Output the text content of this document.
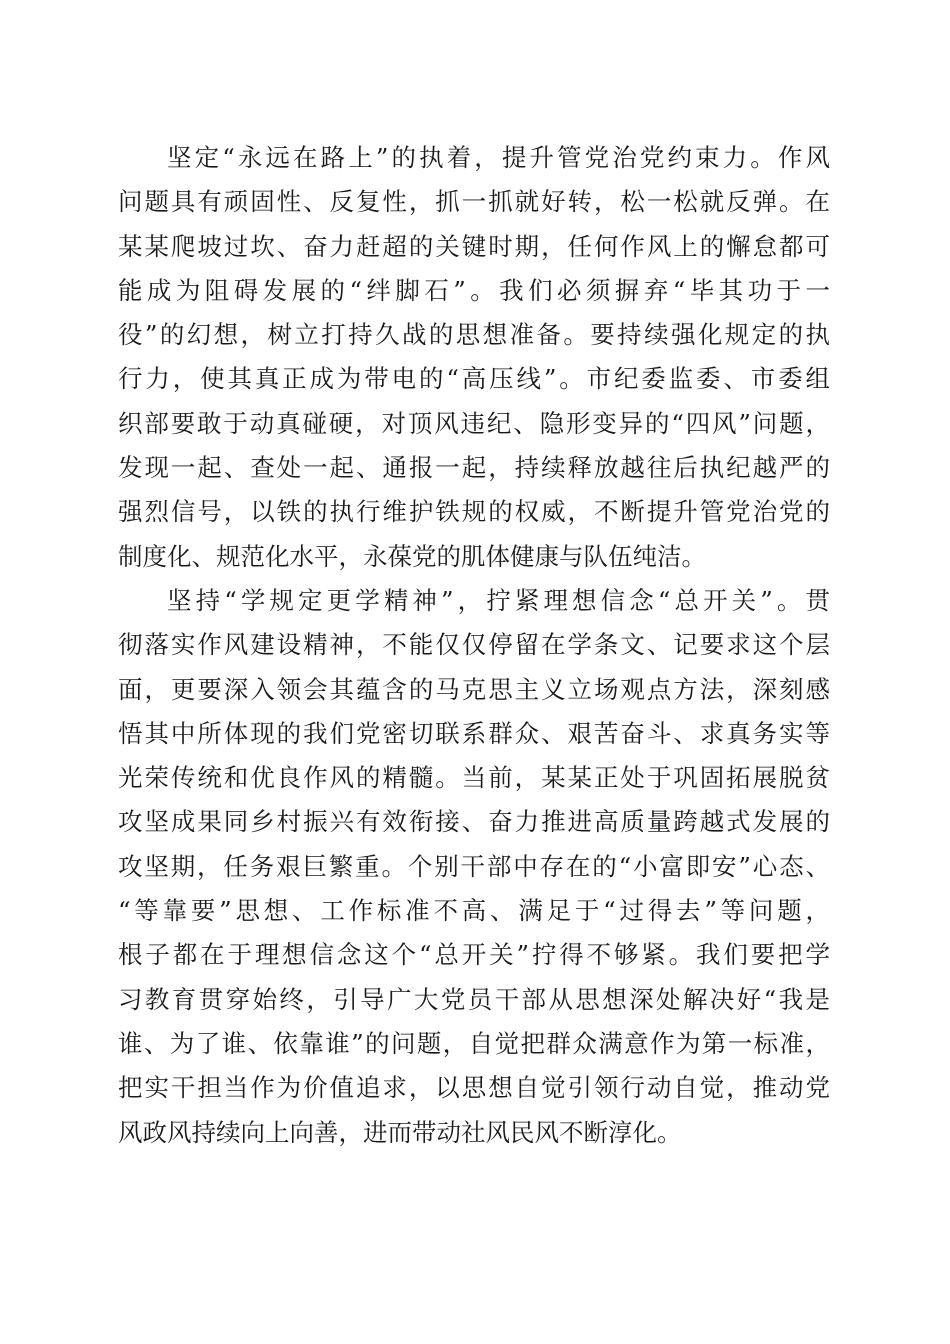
坚定“永远在路上”的执着，提升管党治党约束力。作风
问题具有顽固性、反复性，抓一抓就好转，松一松就反弹。在
某某爬坡过坎、奋力赶超的关键时期，任何作风上的懈怠都可
能成为阻碍发展的“绊脚石”。我们必须摒弃“毕其功于一
役”的幻想，树立打持久战的思想准备。要持续强化规定的执
行力，使其真正成为带电的“高压线”。市纪委监委、市委组
织部要敢于动真碰硬，对顶风违纪、隐形变异的“四风”问题，
发现一起、查处一起、通报一起，持续释放越往后执纪越严的
强烈信号，以铁的执行维护铁规的权威，不断提升管党治党的
制度化、规范化水平，永葆党的肌体健康与队伍纯洁。
坚持“学规定更学精神”，拧紧理想信念“总开关”。贯
彻落实作风建设精神，不能仅仅停留在学条文、记要求这个层
面，更要深入领会其蕴含的马克思主义立场观点方法，深刻感
悟其中所体现的我们党密切联系群众、艰苦奋斗、求真务实等
光荣传统和优良作风的精髓。当前，某某正处于巩固拓展脱贫
攻坚成果同乡村振兴有效衔接、奋力推进高质量跨越式发展的
攻坚期，任务艰巨繁重。个别干部中存在的“小富即安”心态、
“等靠要”思想、工作标准不高、满足于“过得去”等问题，
根子都在于理想信念这个“总开关”拧得不够紧。我们要把学
习教育贯穿始终，引导广大党员干部从思想深处解决好“我是
谁、为了谁、依靠谁”的问题，自觉把群众满意作为第一标准，
把实干担当作为价值追求，以思想自觉引领行动自觉，推动党
风政风持续向上向善，进而带动社风民风不断淳化。
